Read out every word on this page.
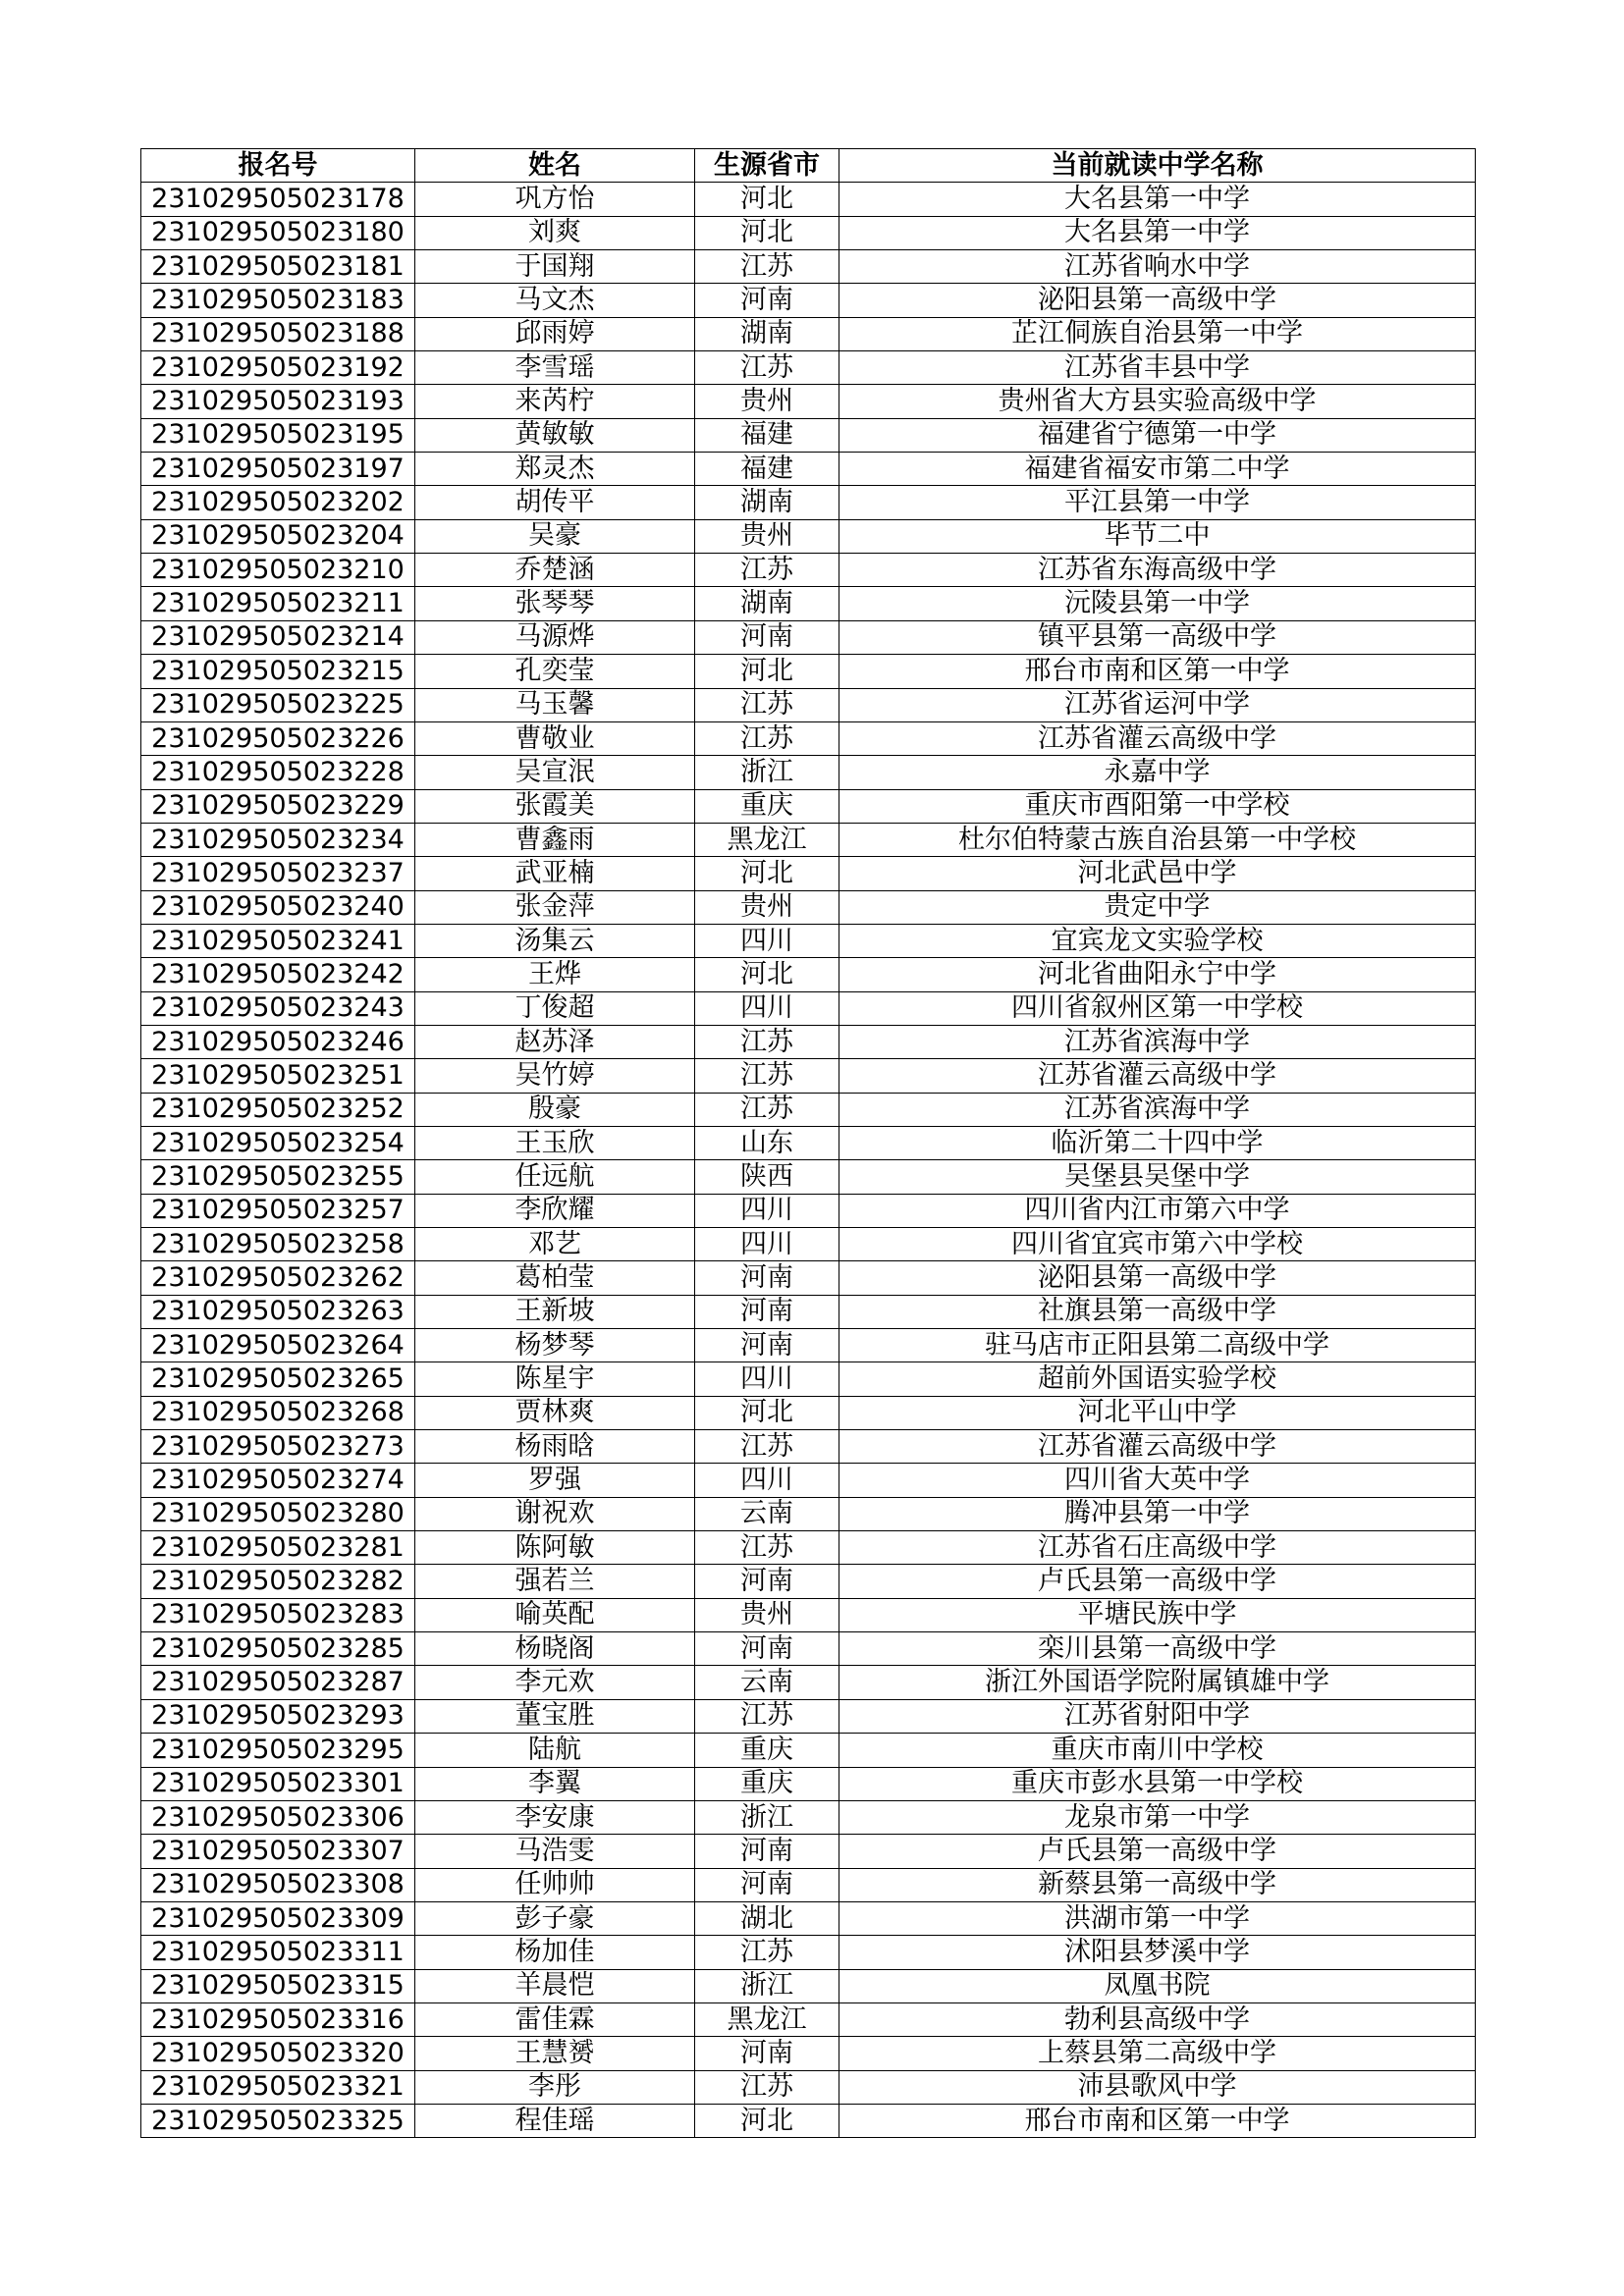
报名号	姓名	生源省市	当前就读中学名称
231029505023178	巩方怡	河北	大名县第一中学
231029505023180	刘爽	河北	大名县第一中学
231029505023181	于国翔	江苏	江苏省响水中学
231029505023183	马文杰	河南	泌阳县第一高级中学
231029505023188	邱雨婷	湖南	芷江侗族自治县第一中学
231029505023192	李雪瑶	江苏	江苏省丰县中学
231029505023193	来芮柠	贵州	贵州省大方县实验高级中学
231029505023195	黄敏敏	福建	福建省宁德第一中学
231029505023197	郑灵杰	福建	福建省福安市第二中学
231029505023202	胡传平	湖南	平江县第一中学
231029505023204	吴豪	贵州	毕节二中
231029505023210	乔楚涵	江苏	江苏省东海高级中学
231029505023211	张琴琴	湖南	沅陵县第一中学
231029505023214	马源烨	河南	镇平县第一高级中学
231029505023215	孔奕莹	河北	邢台市南和区第一中学
231029505023225	马玉馨	江苏	江苏省运河中学
231029505023226	曹敬业	江苏	江苏省灌云高级中学
231029505023228	吴宣泯	浙江	永嘉中学
231029505023229	张霞美	重庆	重庆市酉阳第一中学校
231029505023234	曹鑫雨	黑龙江	杜尔伯特蒙古族自治县第一中学校
231029505023237	武亚楠	河北	河北武邑中学
231029505023240	张金萍	贵州	贵定中学
231029505023241	汤集云	四川	宜宾龙文实验学校
231029505023242	王烨	河北	河北省曲阳永宁中学
231029505023243	丁俊超	四川	四川省叙州区第一中学校
231029505023246	赵苏泽	江苏	江苏省滨海中学
231029505023251	吴竹婷	江苏	江苏省灌云高级中学
231029505023252	殷豪	江苏	江苏省滨海中学
231029505023254	王玉欣	山东	临沂第二十四中学
231029505023255	任远航	陕西	吴堡县吴堡中学
231029505023257	李欣耀	四川	四川省内江市第六中学
231029505023258	邓艺	四川	四川省宜宾市第六中学校
231029505023262	葛柏莹	河南	泌阳县第一高级中学
231029505023263	王新坡	河南	社旗县第一高级中学
231029505023264	杨梦琴	河南	驻马店市正阳县第二高级中学
231029505023265	陈星宇	四川	超前外国语实验学校
231029505023268	贾林爽	河北	河北平山中学
231029505023273	杨雨晗	江苏	江苏省灌云高级中学
231029505023274	罗强	四川	四川省大英中学
231029505023280	谢祝欢	云南	腾冲县第一中学
231029505023281	陈阿敏	江苏	江苏省石庄高级中学
231029505023282	强若兰	河南	卢氏县第一高级中学
231029505023283	喻英配	贵州	平塘民族中学
231029505023285	杨晓阁	河南	栾川县第一高级中学
231029505023287	李元欢	云南	浙江外国语学院附属镇雄中学
231029505023293	董宝胜	江苏	江苏省射阳中学
231029505023295	陆航	重庆	重庆市南川中学校
231029505023301	李翼	重庆	重庆市彭水县第一中学校
231029505023306	李安康	浙江	龙泉市第一中学
231029505023307	马浩雯	河南	卢氏县第一高级中学
231029505023308	任帅帅	河南	新蔡县第一高级中学
231029505023309	彭子豪	湖北	洪湖市第一中学
231029505023311	杨加佳	江苏	沭阳县梦溪中学
231029505023315	羊晨恺	浙江	凤凰书院
231029505023316	雷佳霖	黑龙江	勃利县高级中学
231029505023320	王慧赟	河南	上蔡县第二高级中学
231029505023321	李彤	江苏	沛县歌风中学
231029505023325	程佳瑶	河北	邢台市南和区第一中学
